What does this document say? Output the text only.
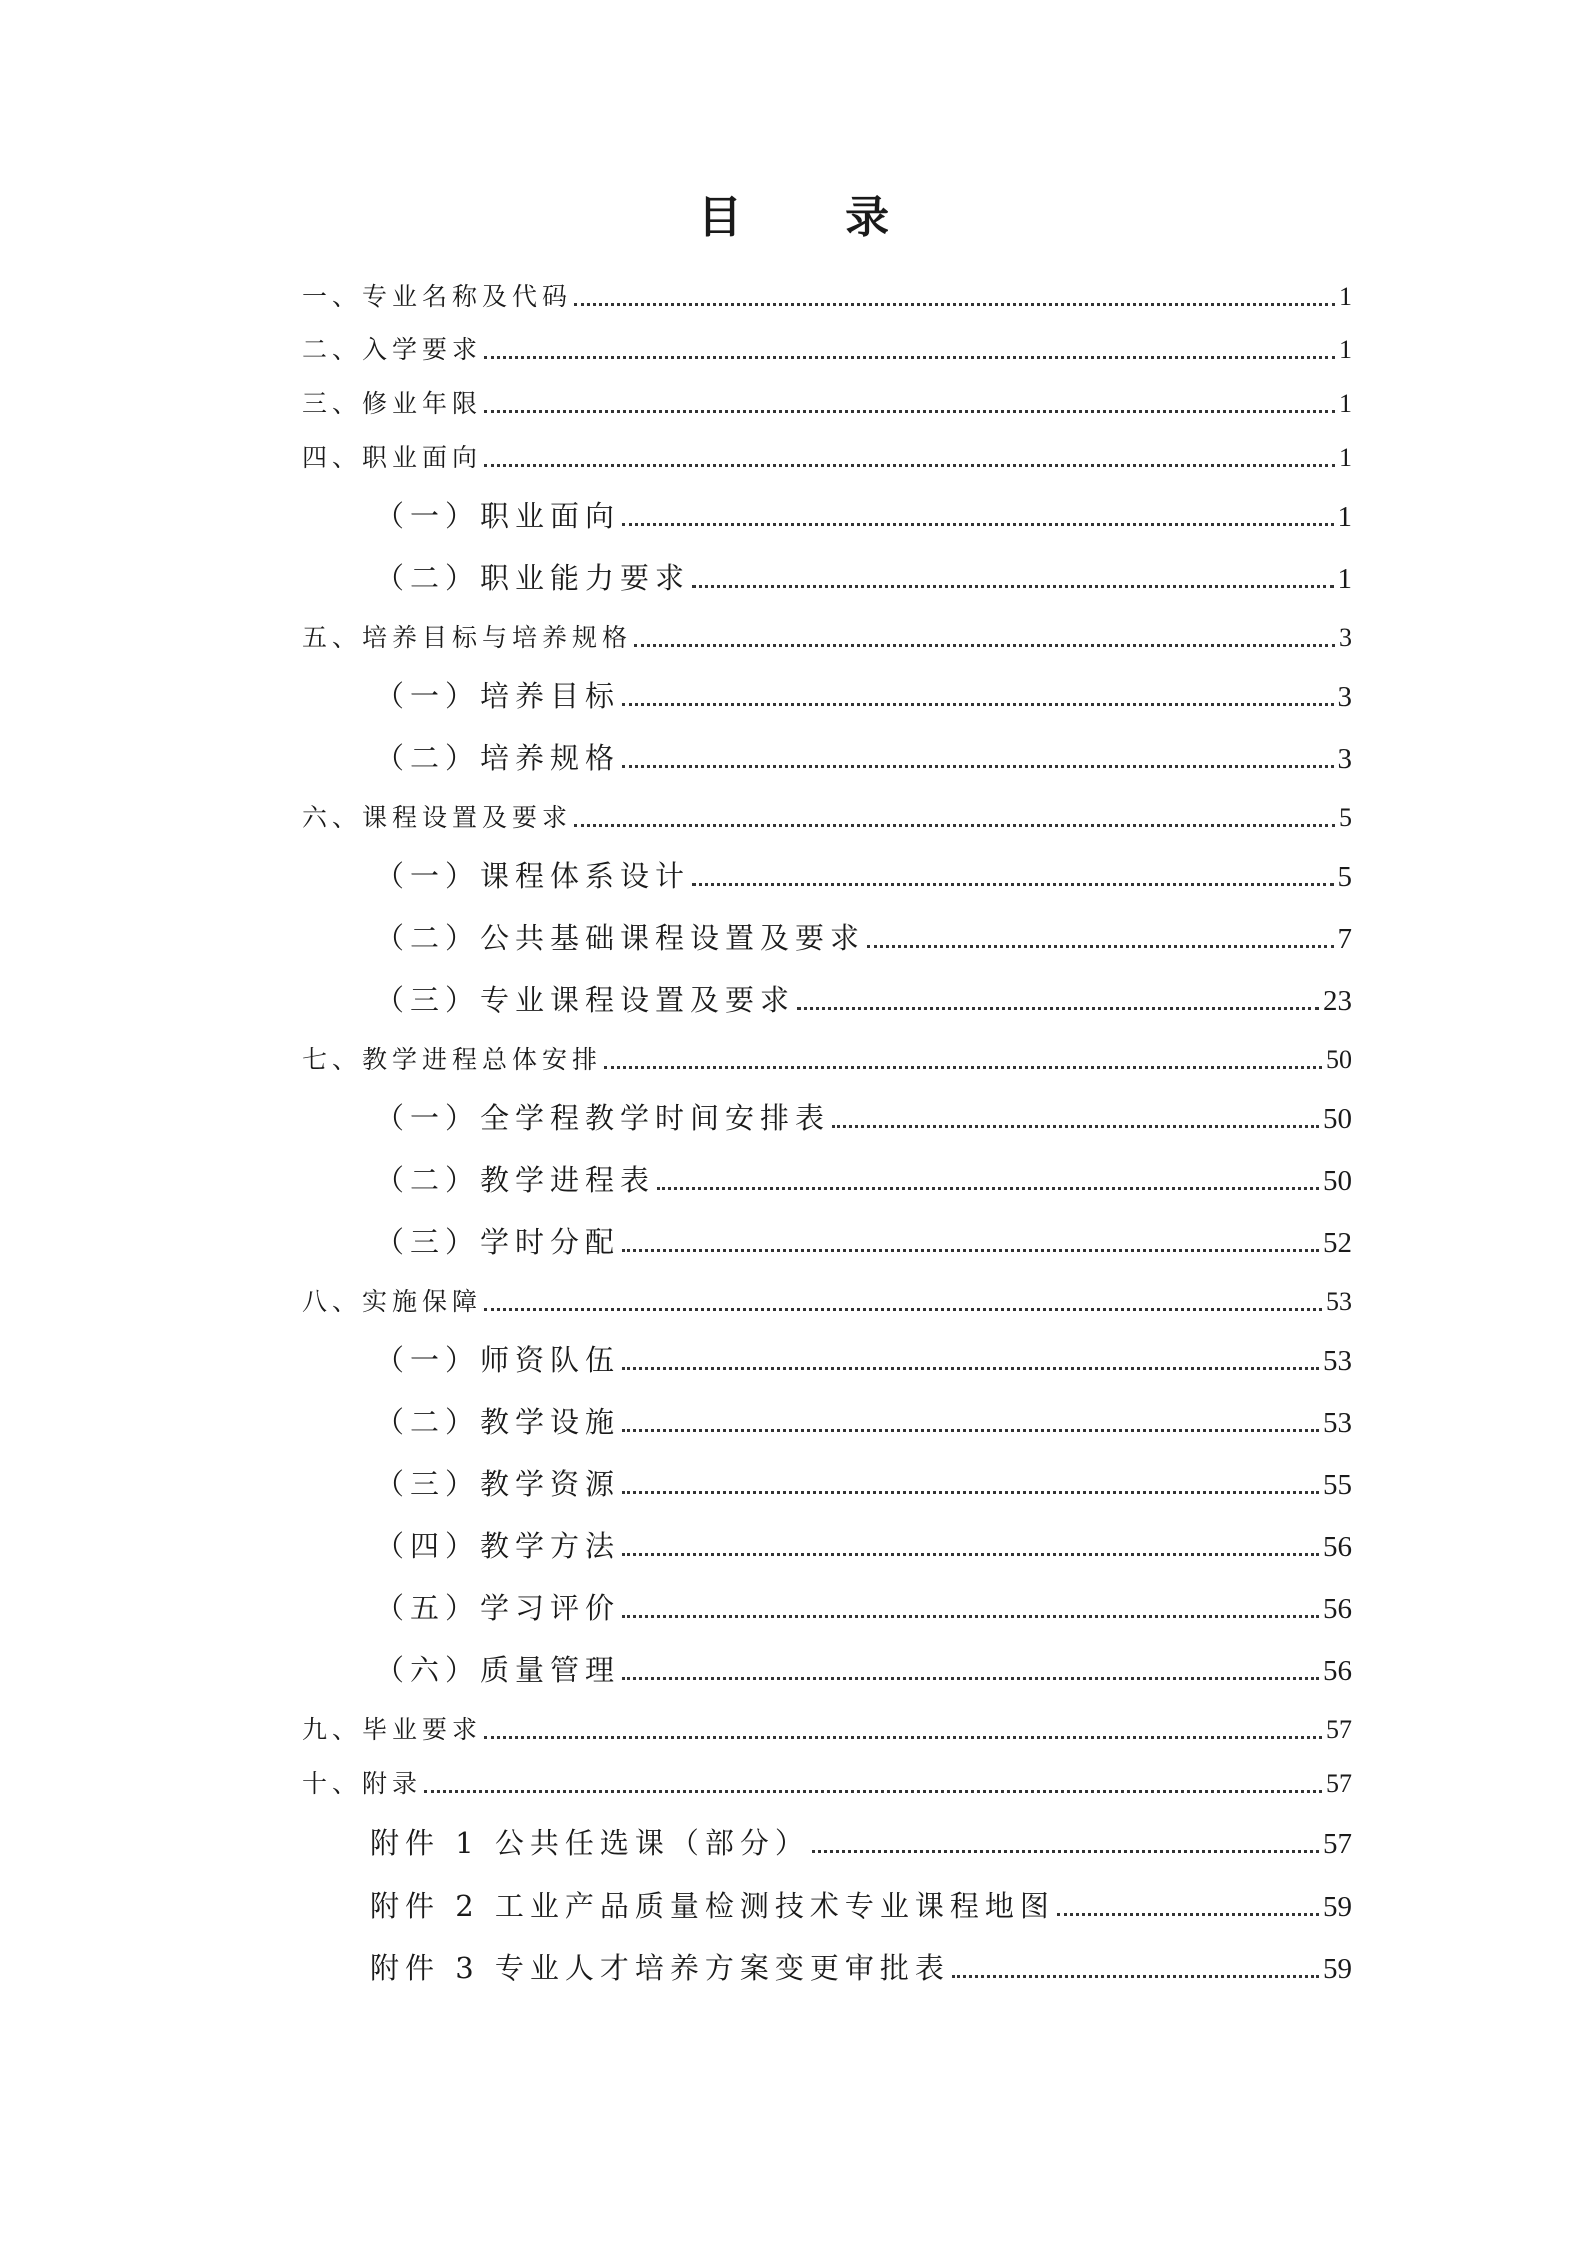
目 录
一、专业名称及代码	1
二、入学要求	1
三、修业年限	1
四、职业面向	1
（一）职业面向	1
（二）职业能力要求	1
五、培养目标与培养规格	3
（一）培养目标	3
（二）培养规格	3
六、课程设置及要求	5
（一）课程体系设计	5
（二）公共基础课程设置及要求	7
（三）专业课程设置及要求	23
七、教学进程总体安排	50
（一）全学程教学时间安排表	50
（二）教学进程表	50
（三）学时分配	52
八、实施保障	53
（一）师资队伍	53
（二）教学设施	53
（三）教学资源	55
（四）教学方法	56
（五）学习评价	56
（六）质量管理	56
九、毕业要求	57
十、附录	57
附件 1 公共任选课（部分）	57
附件 2 工业产品质量检测技术专业课程地图	59
附件 3 专业人才培养方案变更审批表	59
